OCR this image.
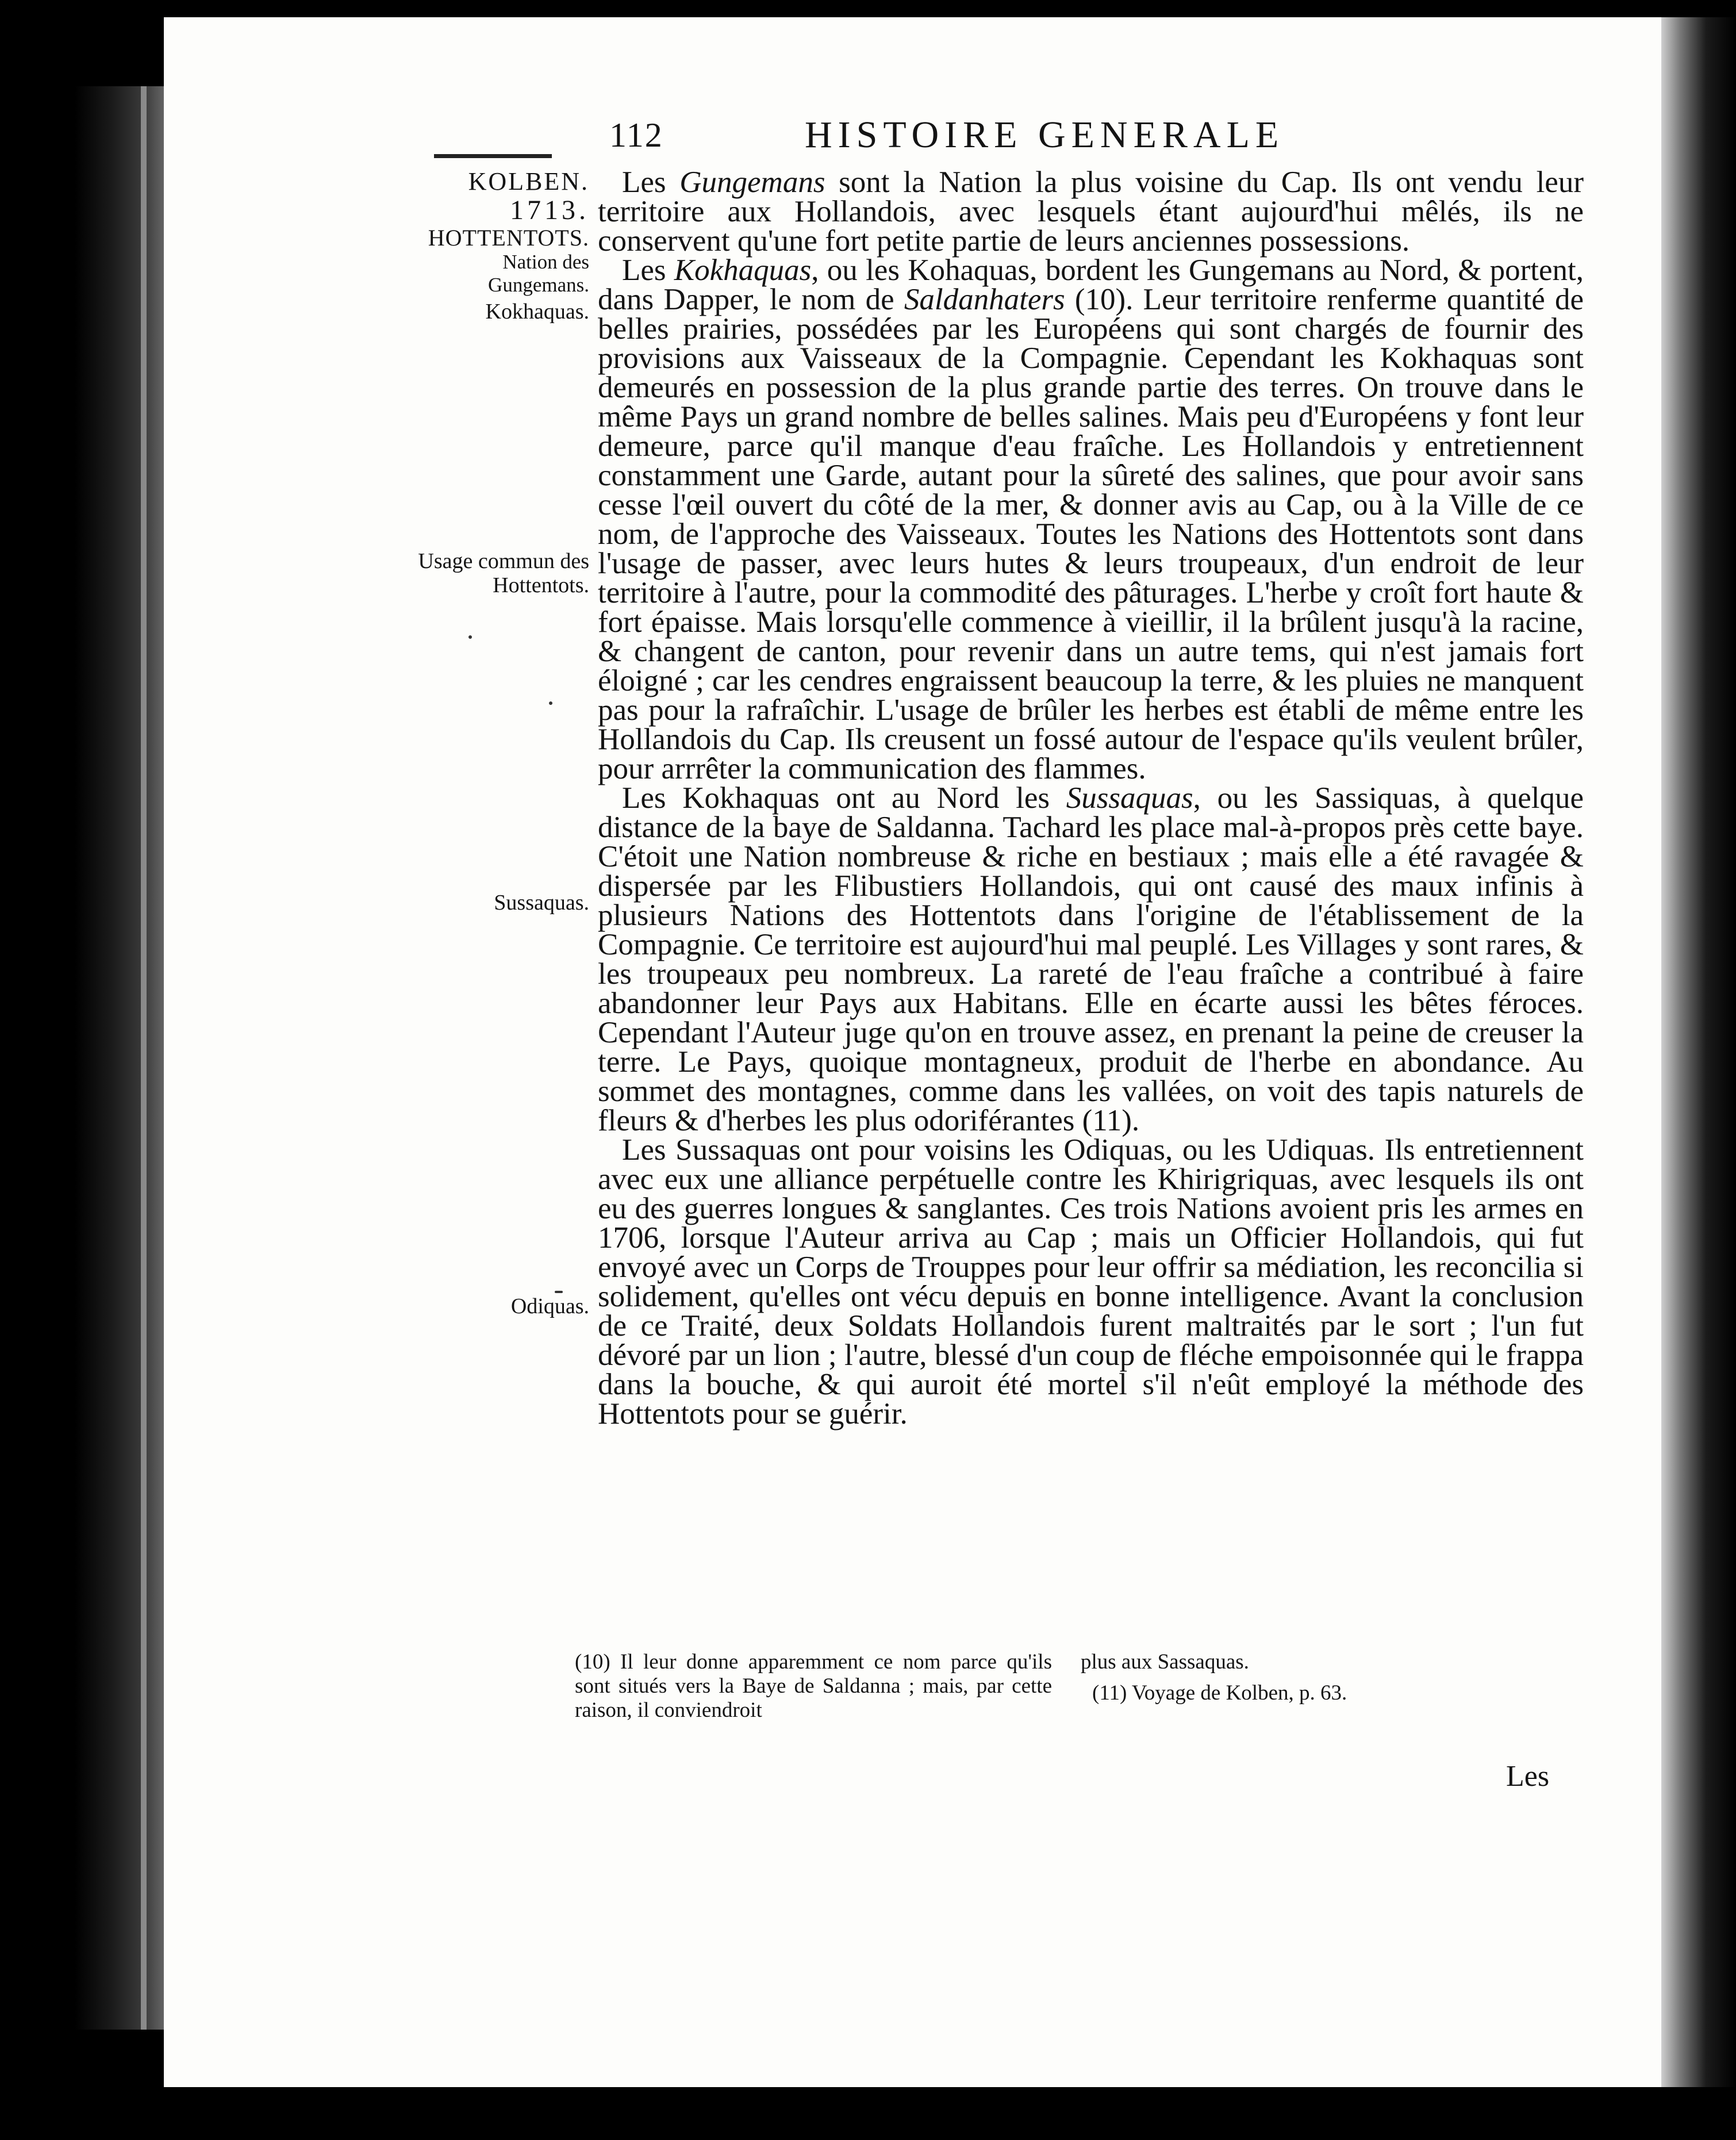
112	HISTOIRE GENERALE
KOLBEN.
1713.
HOTTENTOTS.
Nation des Gungemans.
Kokhaquas.
Usage commun des Hottentots.
Sussaquas.
Odiquas.

Les Gungemans sont la Nation la plus voisine du Cap. Ils ont vendu leur territoire aux Hollandois, avec lesquels étant aujourd'hui mêlés, ils ne conservent qu'une fort petite partie de leurs anciennes possessions.

Les Kokhaquas, ou les Kohaquas, bordent les Gungemans au Nord, & portent, dans Dapper, le nom de Saldanhaters (10). Leur territoire renferme quantité de belles prairies, possédées par les Européens qui sont chargés de fournir des provisions aux Vaisseaux de la Compagnie. Cependant les Kokhaquas sont demeurés en possession de la plus grande partie des terres. On trouve dans le même Pays un grand nombre de belles salines. Mais peu d'Européens y font leur demeure, parce qu'il manque d'eau fraîche. Les Hollandois y entretiennent constamment une Garde, autant pour la sûreté des salines, que pour avoir sans cesse l'œil ouvert du côté de la mer, & donner avis au Cap, ou à la Ville de ce nom, de l'approche des Vaisseaux. Toutes les Nations des Hottentots sont dans l'usage de passer, avec leurs hutes & leurs troupeaux, d'un endroit de leur territoire à l'autre, pour la commodité des pâturages. L'herbe y croît fort haute & fort épaisse. Mais lorsqu'elle commence à vieillir, il la brûlent jusqu'à la racine, & changent de canton, pour revenir dans un autre tems, qui n'est jamais fort éloigné ; car les cendres engraissent beaucoup la terre, & les pluies ne manquent pas pour la rafraîchir. L'usage de brûler les herbes est établi de même entre les Hollandois du Cap. Ils creusent un fossé autour de l'espace qu'ils veulent brûler, pour arrrêter la communication des flammes.

Les Kokhaquas ont au Nord les Sussaquas, ou les Sassiquas, à quelque distance de la baye de Saldanna. Tachard les place mal-à-propos près cette baye. C'étoit une Nation nombreuse & riche en bestiaux ; mais elle a été ravagée & dispersée par les Flibustiers Hollandois, qui ont causé des maux infinis à plusieurs Nations des Hottentots dans l'origine de l'établissement de la Compagnie. Ce territoire est aujourd'hui mal peuplé. Les Villages y sont rares, & les troupeaux peu nombreux. La rareté de l'eau fraîche a contribué à faire abandonner leur Pays aux Habitans. Elle en écarte aussi les bêtes féroces. Cependant l'Auteur juge qu'on en trouve assez, en prenant la peine de creuser la terre. Le Pays, quoique montagneux, produit de l'herbe en abondance. Au sommet des montagnes, comme dans les vallées, on voit des tapis naturels de fleurs & d'herbes les plus odoriférantes (11).

Les Sussaquas ont pour voisins les Odiquas, ou les Udiquas. Ils entretiennent avec eux une alliance perpétuelle contre les Khirigriquas, avec lesquels ils ont eu des guerres longues & sanglantes. Ces trois Nations avoient pris les armes en 1706, lorsque l'Auteur arriva au Cap ; mais un Officier Hollandois, qui fut envoyé avec un Corps de Trouppes pour leur offrir sa médiation, les reconcilia si solidement, qu'elles ont vécu depuis en bonne intelligence. Avant la conclusion de ce Traité, deux Soldats Hollandois furent maltraités par le sort ; l'un fut dévoré par un lion ; l'autre, blessé d'un coup de fléche empoisonnée qui le frappa dans la bouche, & qui auroit été mortel s'il n'eût employé la méthode des Hottentots pour se guérir.

(10) Il leur donne apparemment ce nom parce qu'ils sont situés vers la Baye de Saldanna ; mais, par cette raison, il conviendroit

plus aux Sassaquas.

(11) Voyage de Kolben, p. 63.

Les
